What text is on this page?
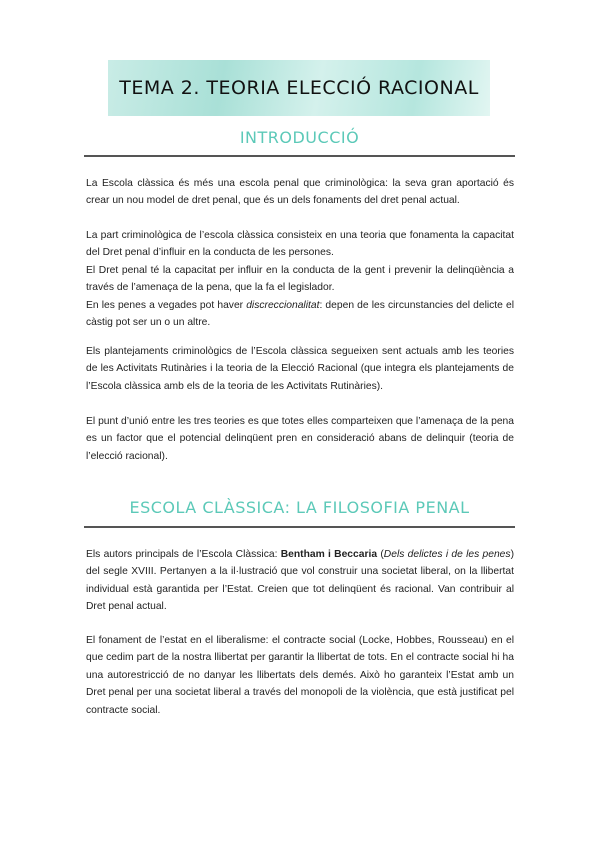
TEMA 2. TEORIA ELECCIÓ RACIONAL
INTRODUCCIÓ
La Escola clàssica és més una escola penal que criminològica: la seva gran aportació és crear un nou model de dret penal, que és un dels fonaments del dret penal actual.
La part criminològica de l’escola clàssica consisteix en una teoria que fonamenta la capacitat del Dret penal d’influir en la conducta de les persones.
El Dret penal té la capacitat per influir en la conducta de la gent i prevenir la delinqüència a través de l’amenaça de la pena, que la fa el legislador.
En les penes a vegades pot haver discreccionalitat: depen de les circunstancies del delicte el càstig pot ser un o un altre.
Els plantejaments criminològics de l’Escola clàssica segueixen sent actuals amb les teories de les Activitats Rutinàries i la teoria de la Elecció Racional (que integra els plantejaments de l’Escola clàssica amb els de la teoria de les Activitats Rutinàries).
El punt d’unió entre les tres teories es que totes elles comparteixen que l’amenaça de la pena es un factor que el potencial delinqüent pren en consideració abans de delinquir (teoria de l’elecció racional).
ESCOLA CLÀSSICA: LA FILOSOFIA PENAL
Els autors principals de l’Escola Clàssica: Bentham i Beccaria (Dels delictes i de les penes) del segle XVIII. Pertanyen a la il·lustració que vol construir una societat liberal, on la llibertat individual està garantida per l’Estat. Creien que tot delinqüent és racional. Van contribuir al Dret penal actual.
El fonament de l’estat en el liberalisme: el contracte social (Locke, Hobbes, Rousseau) en el que cedim part de la nostra llibertat per garantir la llibertat de tots. En el contracte social hi ha una autorestricció de no danyar les llibertats dels demés. Això ho garanteix l’Estat amb un Dret penal per una societat liberal a través del monopoli de la violència, que està justificat pel contracte social.
